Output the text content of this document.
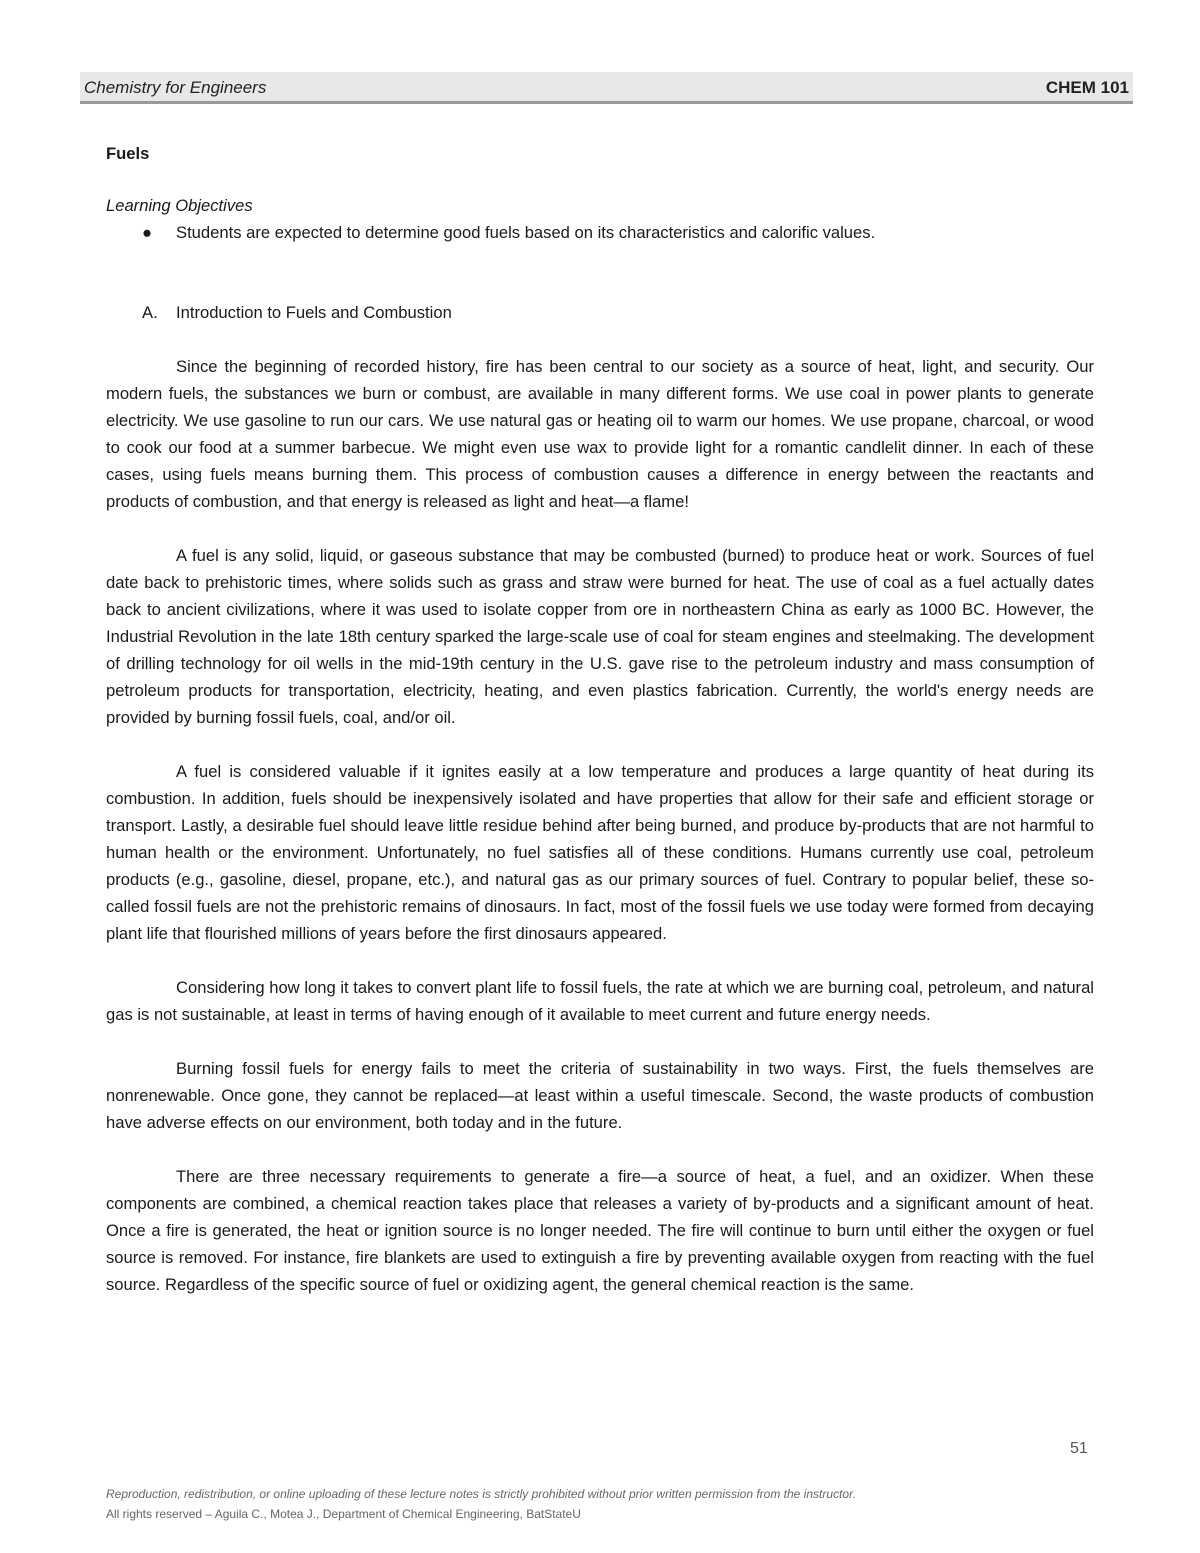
Chemistry for Engineers	CHEM 101
Fuels
Learning Objectives
● Students are expected to determine good fuels based on its characteristics and calorific values.
A. Introduction to Fuels and Combustion

Since the beginning of recorded history, fire has been central to our society as a source of heat, light, and security. Our modern fuels, the substances we burn or combust, are available in many different forms. We use coal in power plants to generate electricity. We use gasoline to run our cars. We use natural gas or heating oil to warm our homes. We use propane, charcoal, or wood to cook our food at a summer barbecue. We might even use wax to provide light for a romantic candlelit dinner. In each of these cases, using fuels means burning them. This process of combustion causes a difference in energy between the reactants and products of combustion, and that energy is released as light and heat—a flame!

A fuel is any solid, liquid, or gaseous substance that may be combusted (burned) to produce heat or work. Sources of fuel date back to prehistoric times, where solids such as grass and straw were burned for heat. The use of coal as a fuel actually dates back to ancient civilizations, where it was used to isolate copper from ore in northeastern China as early as 1000 BC. However, the Industrial Revolution in the late 18th century sparked the large-scale use of coal for steam engines and steelmaking. The development of drilling technology for oil wells in the mid-19th century in the U.S. gave rise to the petroleum industry and mass consumption of petroleum products for transportation, electricity, heating, and even plastics fabrication. Currently, the world's energy needs are provided by burning fossil fuels, coal, and/or oil.

A fuel is considered valuable if it ignites easily at a low temperature and produces a large quantity of heat during its combustion. In addition, fuels should be inexpensively isolated and have properties that allow for their safe and efficient storage or transport. Lastly, a desirable fuel should leave little residue behind after being burned, and produce by-products that are not harmful to human health or the environment. Unfortunately, no fuel satisfies all of these conditions. Humans currently use coal, petroleum products (e.g., gasoline, diesel, propane, etc.), and natural gas as our primary sources of fuel. Contrary to popular belief, these so-called fossil fuels are not the prehistoric remains of dinosaurs. In fact, most of the fossil fuels we use today were formed from decaying plant life that flourished millions of years before the first dinosaurs appeared.

Considering how long it takes to convert plant life to fossil fuels, the rate at which we are burning coal, petroleum, and natural gas is not sustainable, at least in terms of having enough of it available to meet current and future energy needs.

Burning fossil fuels for energy fails to meet the criteria of sustainability in two ways. First, the fuels themselves are nonrenewable. Once gone, they cannot be replaced—at least within a useful timescale. Second, the waste products of combustion have adverse effects on our environment, both today and in the future.

There are three necessary requirements to generate a fire—a source of heat, a fuel, and an oxidizer. When these components are combined, a chemical reaction takes place that releases a variety of by-products and a significant amount of heat. Once a fire is generated, the heat or ignition source is no longer needed. The fire will continue to burn until either the oxygen or fuel source is removed. For instance, fire blankets are used to extinguish a fire by preventing available oxygen from reacting with the fuel source. Regardless of the specific source of fuel or oxidizing agent, the general chemical reaction is the same.

51
Reproduction, redistribution, or online uploading of these lecture notes is strictly prohibited without prior written permission from the instructor.
All rights reserved – Aguila C., Motea J., Department of Chemical Engineering, BatStateU
